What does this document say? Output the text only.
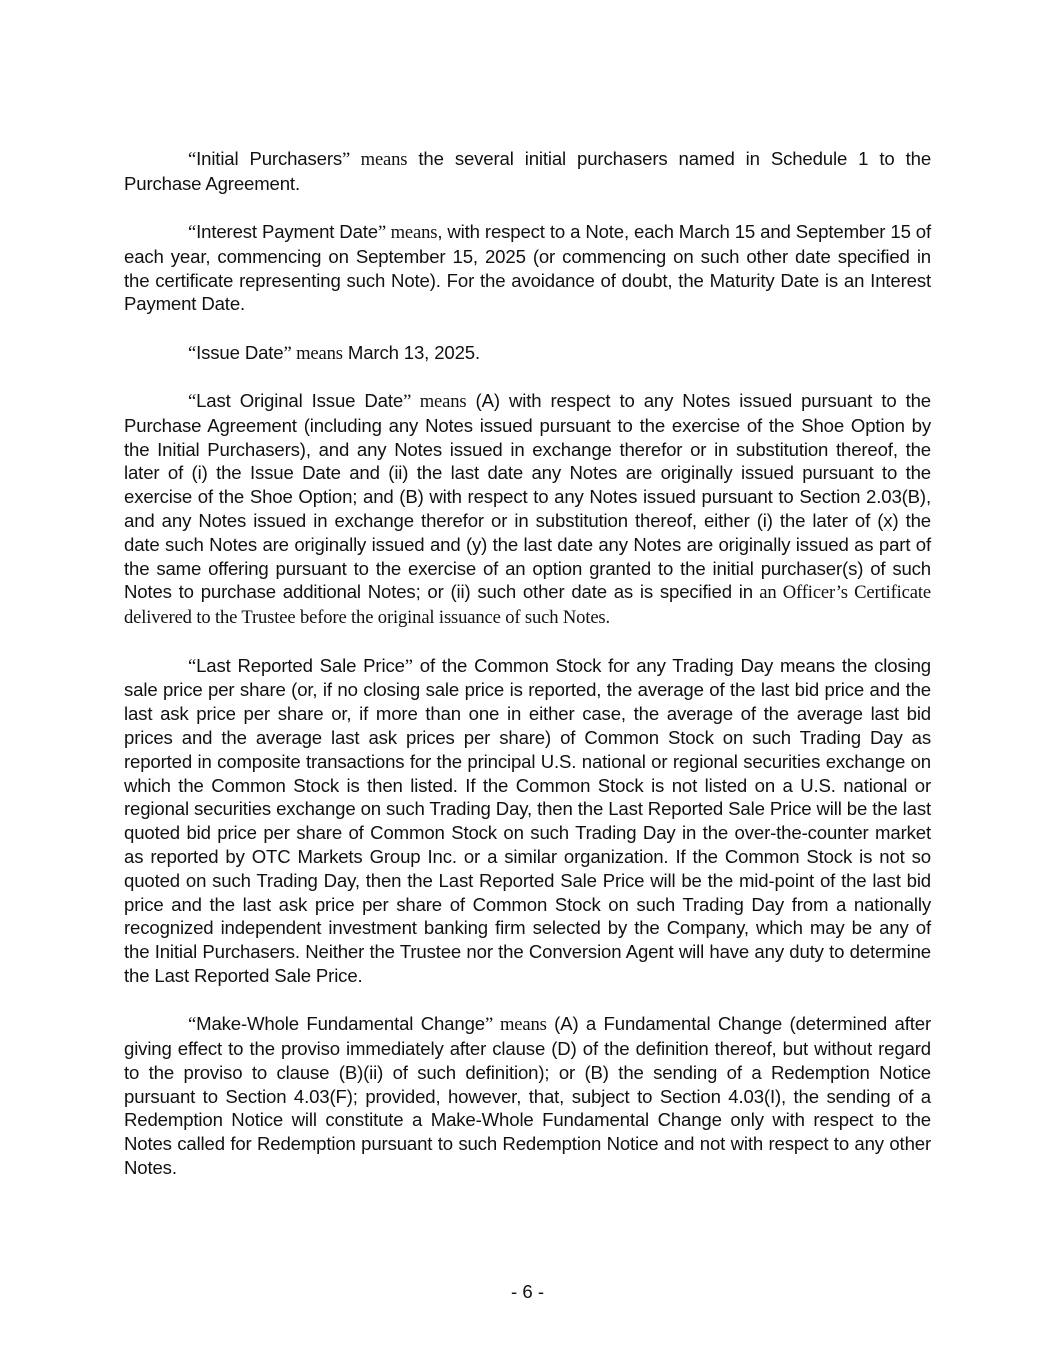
“Initial Purchasers” means the several initial purchasers named in Schedule 1 to the Purchase Agreement.

“Interest Payment Date” means, with respect to a Note, each March 15 and September 15 of each year, commencing on September 15, 2025 (or commencing on such other date specified in the certificate representing such Note). For the avoidance of doubt, the Maturity Date is an Interest Payment Date.

“Issue Date” means March 13, 2025.

“Last Original Issue Date” means (A) with respect to any Notes issued pursuant to the Purchase Agreement (including any Notes issued pursuant to the exercise of the Shoe Option by the Initial Purchasers), and any Notes issued in exchange therefor or in substitution thereof, the later of (i) the Issue Date and (ii) the last date any Notes are originally issued pursuant to the exercise of the Shoe Option; and (B) with respect to any Notes issued pursuant to Section 2.03(B), and any Notes issued in exchange therefor or in substitution thereof, either (i) the later of (x) the date such Notes are originally issued and (y) the last date any Notes are originally issued as part of the same offering pursuant to the exercise of an option granted to the initial purchaser(s) of such Notes to purchase additional Notes; or (ii) such other date as is specified in an Officer’s Certificate delivered to the Trustee before the original issuance of such Notes.

“Last Reported Sale Price” of the Common Stock for any Trading Day means the closing sale price per share (or, if no closing sale price is reported, the average of the last bid price and the last ask price per share or, if more than one in either case, the average of the average last bid prices and the average last ask prices per share) of Common Stock on such Trading Day as reported in composite transactions for the principal U.S. national or regional securities exchange on which the Common Stock is then listed. If the Common Stock is not listed on a U.S. national or regional securities exchange on such Trading Day, then the Last Reported Sale Price will be the last quoted bid price per share of Common Stock on such Trading Day in the over-the-counter market as reported by OTC Markets Group Inc. or a similar organization. If the Common Stock is not so quoted on such Trading Day, then the Last Reported Sale Price will be the mid-point of the last bid price and the last ask price per share of Common Stock on such Trading Day from a nationally recognized independent investment banking firm selected by the Company, which may be any of the Initial Purchasers. Neither the Trustee nor the Conversion Agent will have any duty to determine the Last Reported Sale Price.

“Make-Whole Fundamental Change” means (A) a Fundamental Change (determined after giving effect to the proviso immediately after clause (D) of the definition thereof, but without regard to the proviso to clause (B)(ii) of such definition); or (B) the sending of a Redemption Notice pursuant to Section 4.03(F); provided, however, that, subject to Section 4.03(I), the sending of a Redemption Notice will constitute a Make-Whole Fundamental Change only with respect to the Notes called for Redemption pursuant to such Redemption Notice and not with respect to any other Notes.

- 6 -
